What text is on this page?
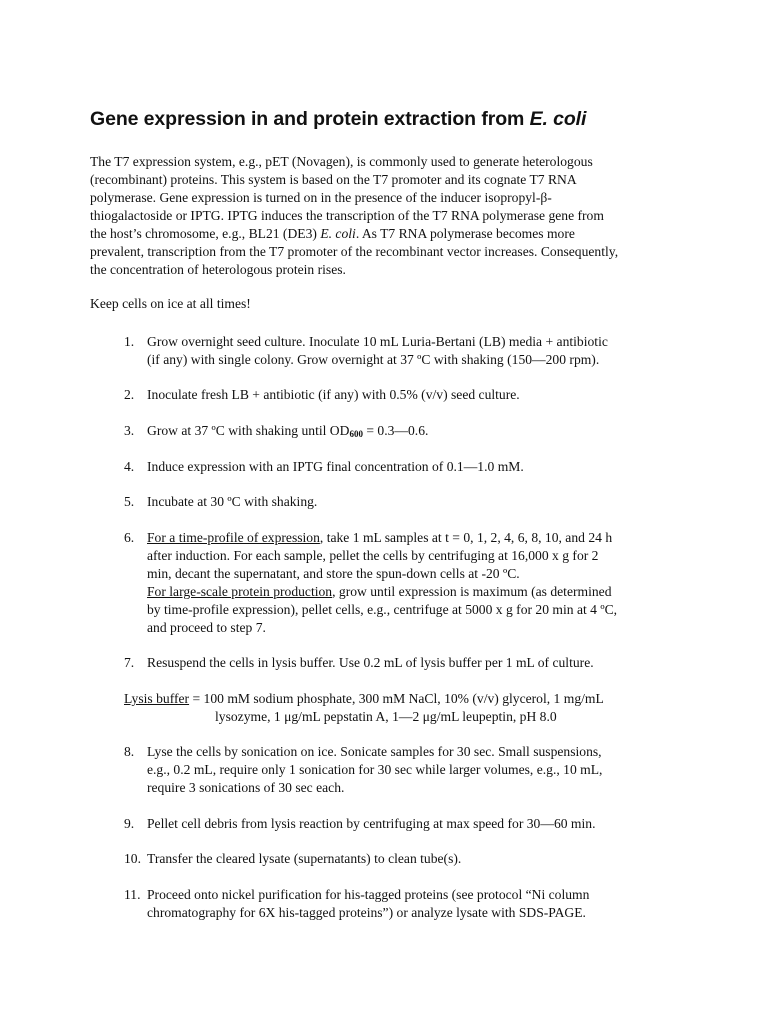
Gene expression in and protein extraction from E. coli
The T7 expression system, e.g., pET (Novagen), is commonly used to generate heterologous
(recombinant) proteins. This system is based on the T7 promoter and its cognate T7 RNA
polymerase. Gene expression is turned on in the presence of the inducer isopropyl-β-
thiogalactoside or IPTG. IPTG induces the transcription of the T7 RNA polymerase gene from
the host’s chromosome, e.g., BL21 (DE3) E. coli. As T7 RNA polymerase becomes more
prevalent, transcription from the T7 promoter of the recombinant vector increases. Consequently,
the concentration of heterologous protein rises.
Keep cells on ice at all times!
1. Grow overnight seed culture. Inoculate 10 mL Luria-Bertani (LB) media + antibiotic
(if any) with single colony. Grow overnight at 37 ºC with shaking (150—200 rpm).
2. Inoculate fresh LB + antibiotic (if any) with 0.5% (v/v) seed culture.
3. Grow at 37 ºC with shaking until $OD_{600}$ = 0.3—0.6.
4. Induce expression with an IPTG final concentration of 0.1—1.0 mM.
5. Incubate at 30 ºC with shaking.
6. For a time-profile of expression, take 1 mL samples at t = 0, 1, 2, 4, 6, 8, 10, and 24 h
after induction. For each sample, pellet the cells by centrifuging at 16,000 x g for 2
min, decant the supernatant, and store the spun-down cells at -20 ºC.
For large-scale protein production, grow until expression is maximum (as determined
by time-profile expression), pellet cells, e.g., centrifuge at 5000 x g for 20 min at 4 ºC,
and proceed to step 7.
7. Resuspend the cells in lysis buffer. Use 0.2 mL of lysis buffer per 1 mL of culture.
Lysis buffer = 100 mM sodium phosphate, 300 mM NaCl, 10% (v/v) glycerol, 1 mg/mL
lysozyme, 1 μg/mL pepstatin A, 1—2 μg/mL leupeptin, pH 8.0
8. Lyse the cells by sonication on ice. Sonicate samples for 30 sec. Small suspensions,
e.g., 0.2 mL, require only 1 sonication for 30 sec while larger volumes, e.g., 10 mL,
require 3 sonications of 30 sec each.
9. Pellet cell debris from lysis reaction by centrifuging at max speed for 30—60 min.
10. Transfer the cleared lysate (supernatants) to clean tube(s).
11. Proceed onto nickel purification for his-tagged proteins (see protocol “Ni column
chromatography for 6X his-tagged proteins”) or analyze lysate with SDS-PAGE.
